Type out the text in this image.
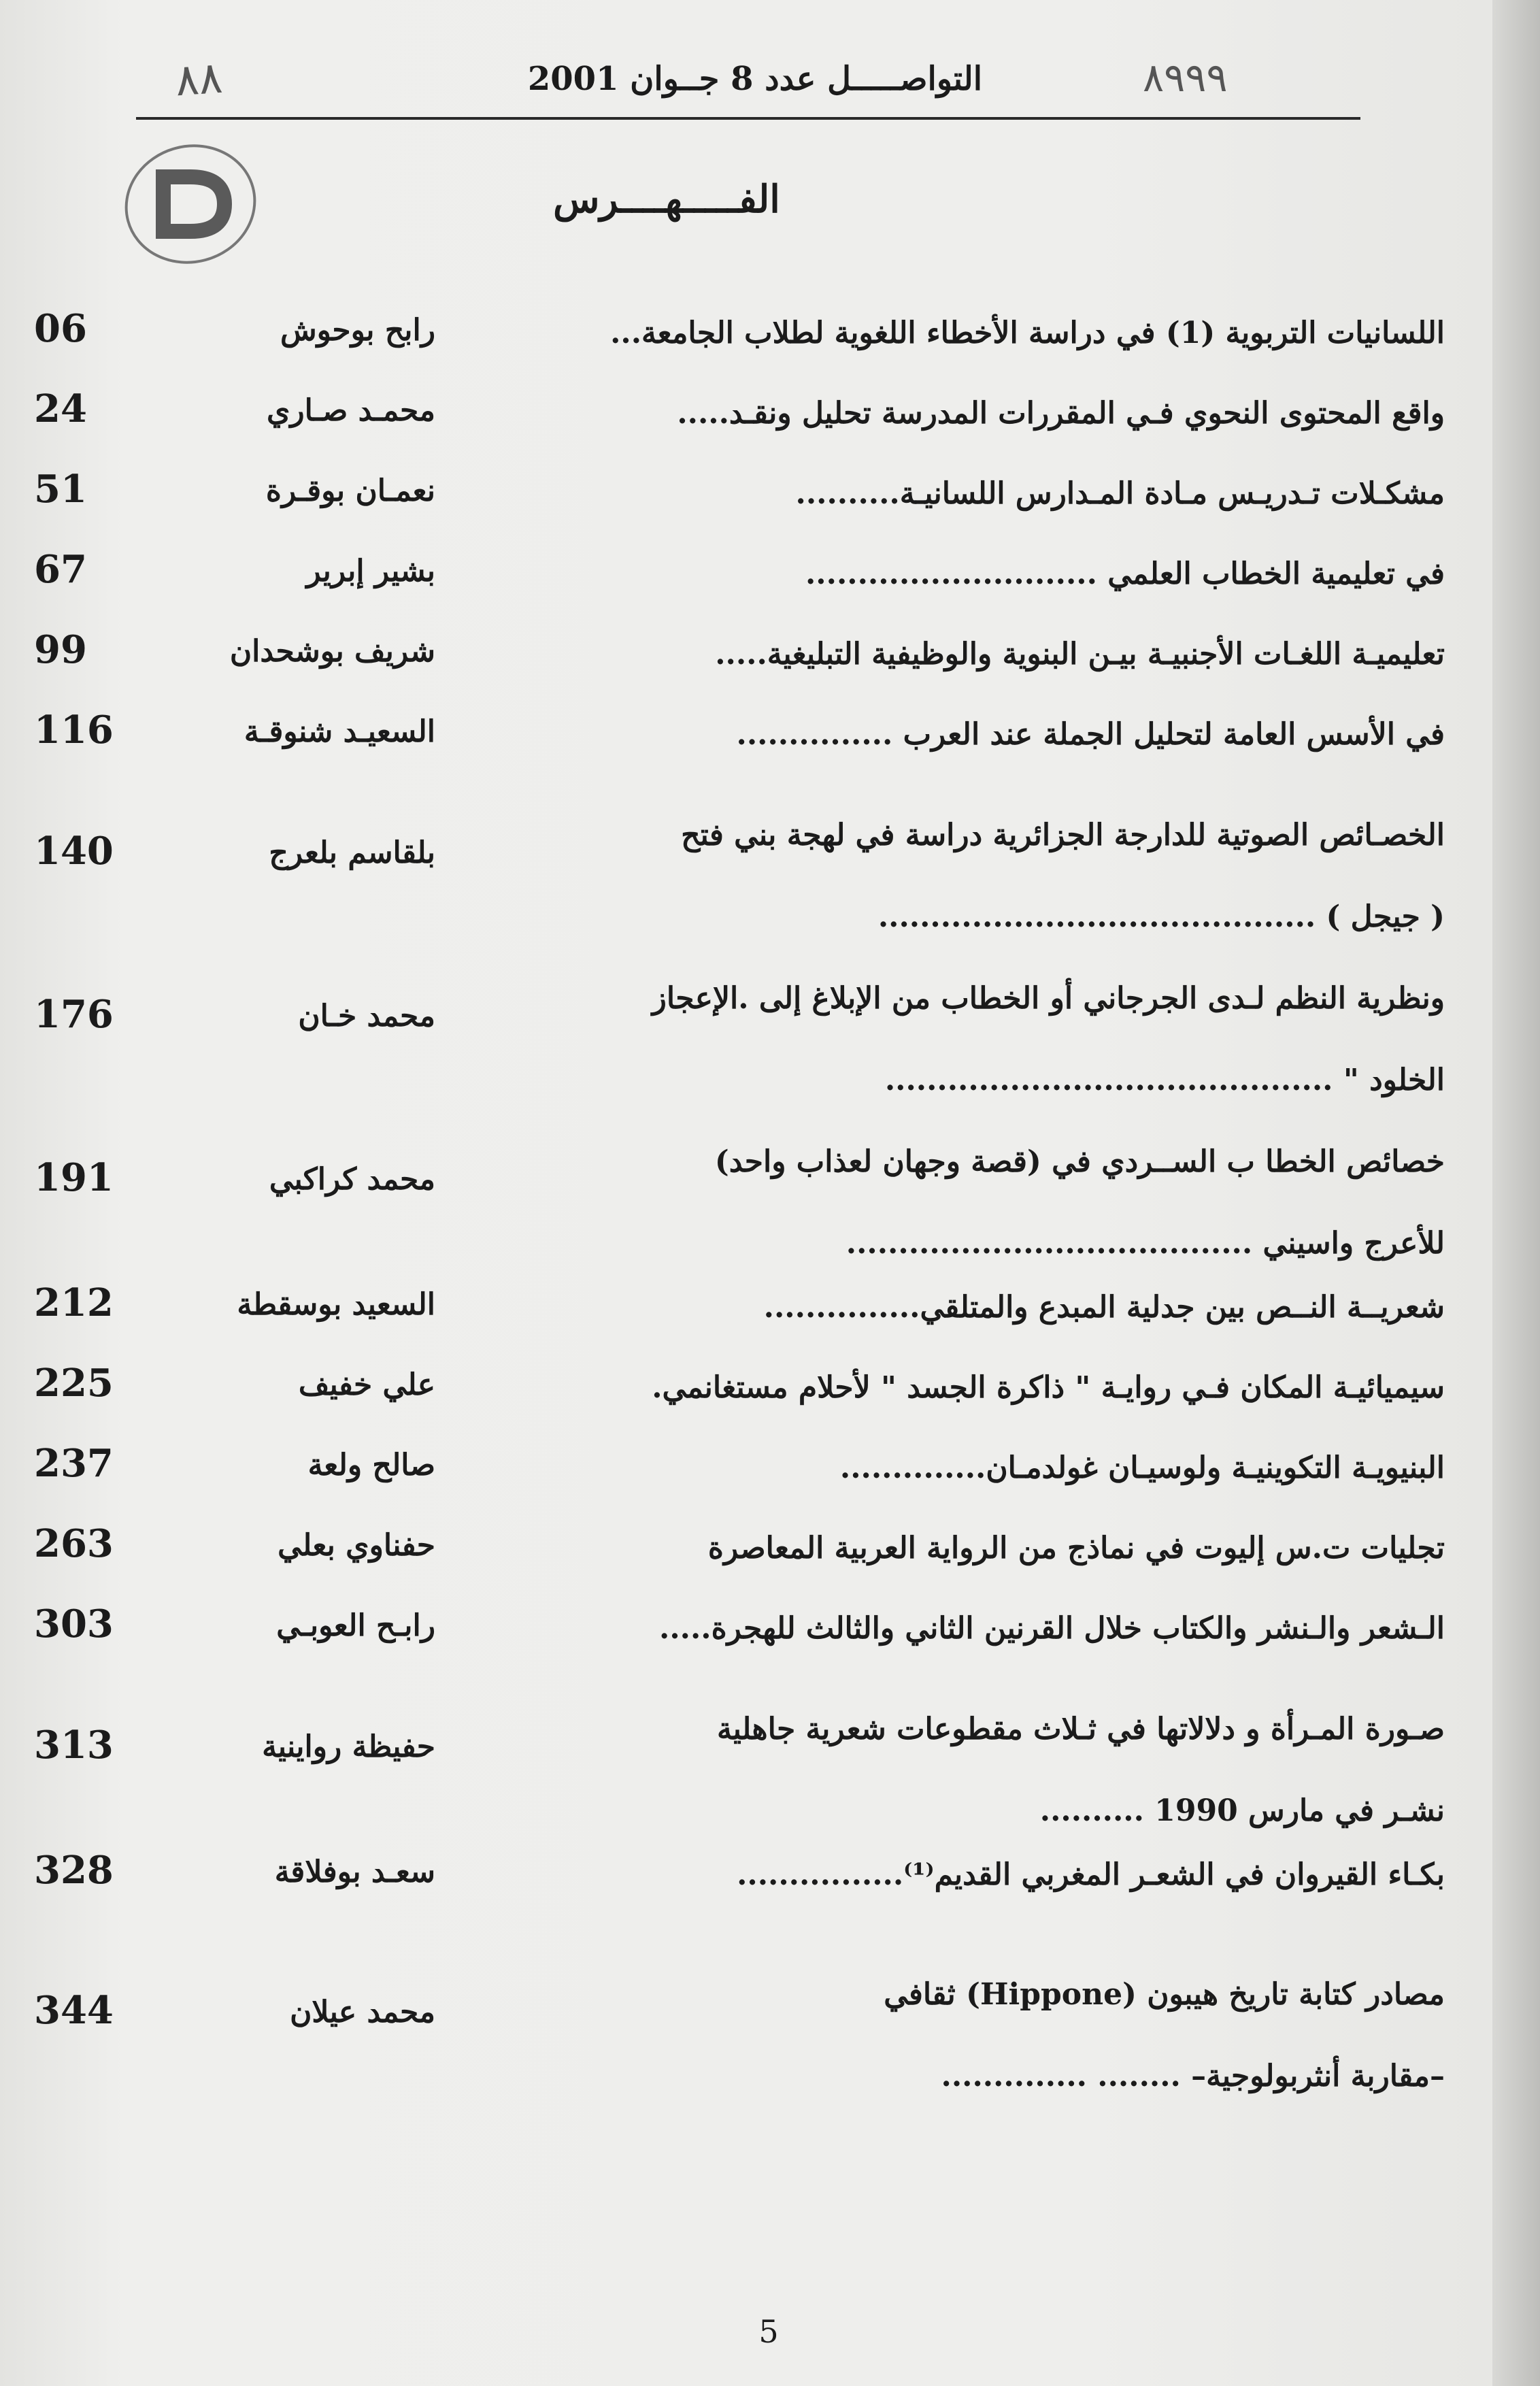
٨٨	التواصـــــل عدد 8 جــوان 2001	٨٩٩٩
الفـــــهــــرس
اللسانيات التربوية (1) في دراسة الأخطاء اللغوية لطلاب الجامعة...
رابح بوحوش
06
واقع المحتوى النحوي فـي المقررات المدرسة تحليل ونقـد.....
محمـد صـاري
24
مشكـلات تـدريـس مـادة المـدارس اللسانيـة..........
نعمـان بوقـرة
51
في تعليمية الخطاب العلمي ............................
بشير إبرير
67
تعليميـة اللغـات الأجنبيـة بيـن البنوية والوظيفية التبليغية.....
شريف بوشحدان
99
في الأسس العامة لتحليل الجملة عند العرب ...............
السعيـد شنوقـة
116
الخصـائص الصوتية للدارجة الجزائرية دراسة في لهجة بني فتح
( جيجل ) ..........................................
بلقاسم بلعرج
140
ونظرية النظم لـدى الجرجاني أو الخطاب من الإبلاغ إلى .الإعجاز
الخلود " ...........................................
محمد خـان
176
خصائص الخطا ب الســردي في (قصة وجهان لعذاب واحد)
للأعرج واسيني .......................................
محمد كراكبي
191
شعريــة النــص بين جدلية المبدع والمتلقي...............
السعيد بوسقطة
212
سيميائيـة المكان فـي روايـة " ذاكرة الجسد " لأحلام مستغانمي.
علي خفيف
225
البنيويـة التكوينيـة ولوسيـان غولدمـان..............
صالح ولعة
237
تجليات ت.س إليوت في نماذج من الرواية العربية المعاصرة
حفناوي بعلي
263
الـشعر والـنشر والكتاب خلال القرنين الثاني والثالث للهجرة.....
رابـح العوبـي
303
صـورة المـرأة و دلالاتها في ثـلاث مقطوعات شعرية جاهلية
نشـر في مارس 1990 ..........
حفيظة رواينية
313
بكـاء القيروان في الشعـر المغربي القديم⁽¹⁾................
سعـد بوفلاقة
328
مصادر كتابة تاريخ هيبون (Hippone) ثقافي
–مقاربة أنثربولوجية– ........ ..............
محمد عيلان
344
5
